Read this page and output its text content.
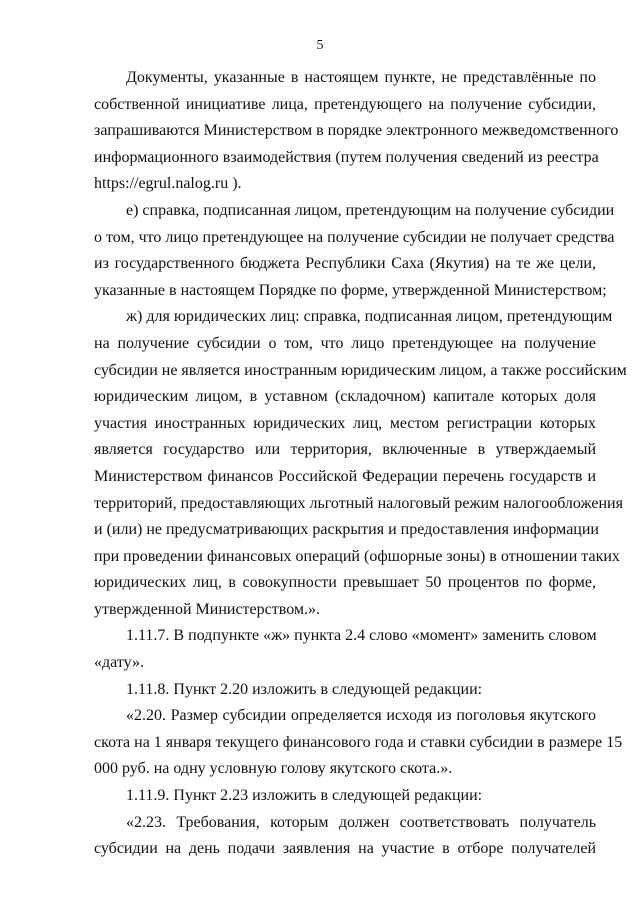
5
Документы, указанные в настоящем пункте, не представлённые по
собственной инициативе лица, претендующего на получение субсидии,
запрашиваются Министерством в порядке электронного межведомственного
информационного взаимодействия (путем получения сведений из реестра
https://egrul.nalog.ru ).
е) справка, подписанная лицом, претендующим на получение субсидии
о том, что лицо претендующее на получение субсидии не получает средства
из государственного бюджета Республики Саха (Якутия) на те же цели,
указанные в настоящем Порядке по форме, утвержденной Министерством;
ж) для юридических лиц: справка, подписанная лицом, претендующим
на получение субсидии о том, что лицо претендующее на получение
субсидии не является иностранным юридическим лицом, а также российским
юридическим лицом, в уставном (складочном) капитале которых доля
участия иностранных юридических лиц, местом регистрации которых
является государство или территория, включенные в утверждаемый
Министерством финансов Российской Федерации перечень государств и
территорий, предоставляющих льготный налоговый режим налогообложения
и (или) не предусматривающих раскрытия и предоставления информации
при проведении финансовых операций (офшорные зоны) в отношении таких
юридических лиц, в совокупности превышает 50 процентов по форме,
утвержденной Министерством.».
1.11.7. В подпункте «ж» пункта 2.4 слово «момент» заменить словом
«дату».
1.11.8. Пункт 2.20 изложить в следующей редакции:
«2.20. Размер субсидии определяется исходя из поголовья якутского
скота на 1 января текущего финансового года и ставки субсидии в размере 15
000 руб. на одну условную голову якутского скота.».
1.11.9. Пункт 2.23 изложить в следующей редакции:
«2.23. Требования, которым должен соответствовать получатель
субсидии на день подачи заявления на участие в отборе получателей
